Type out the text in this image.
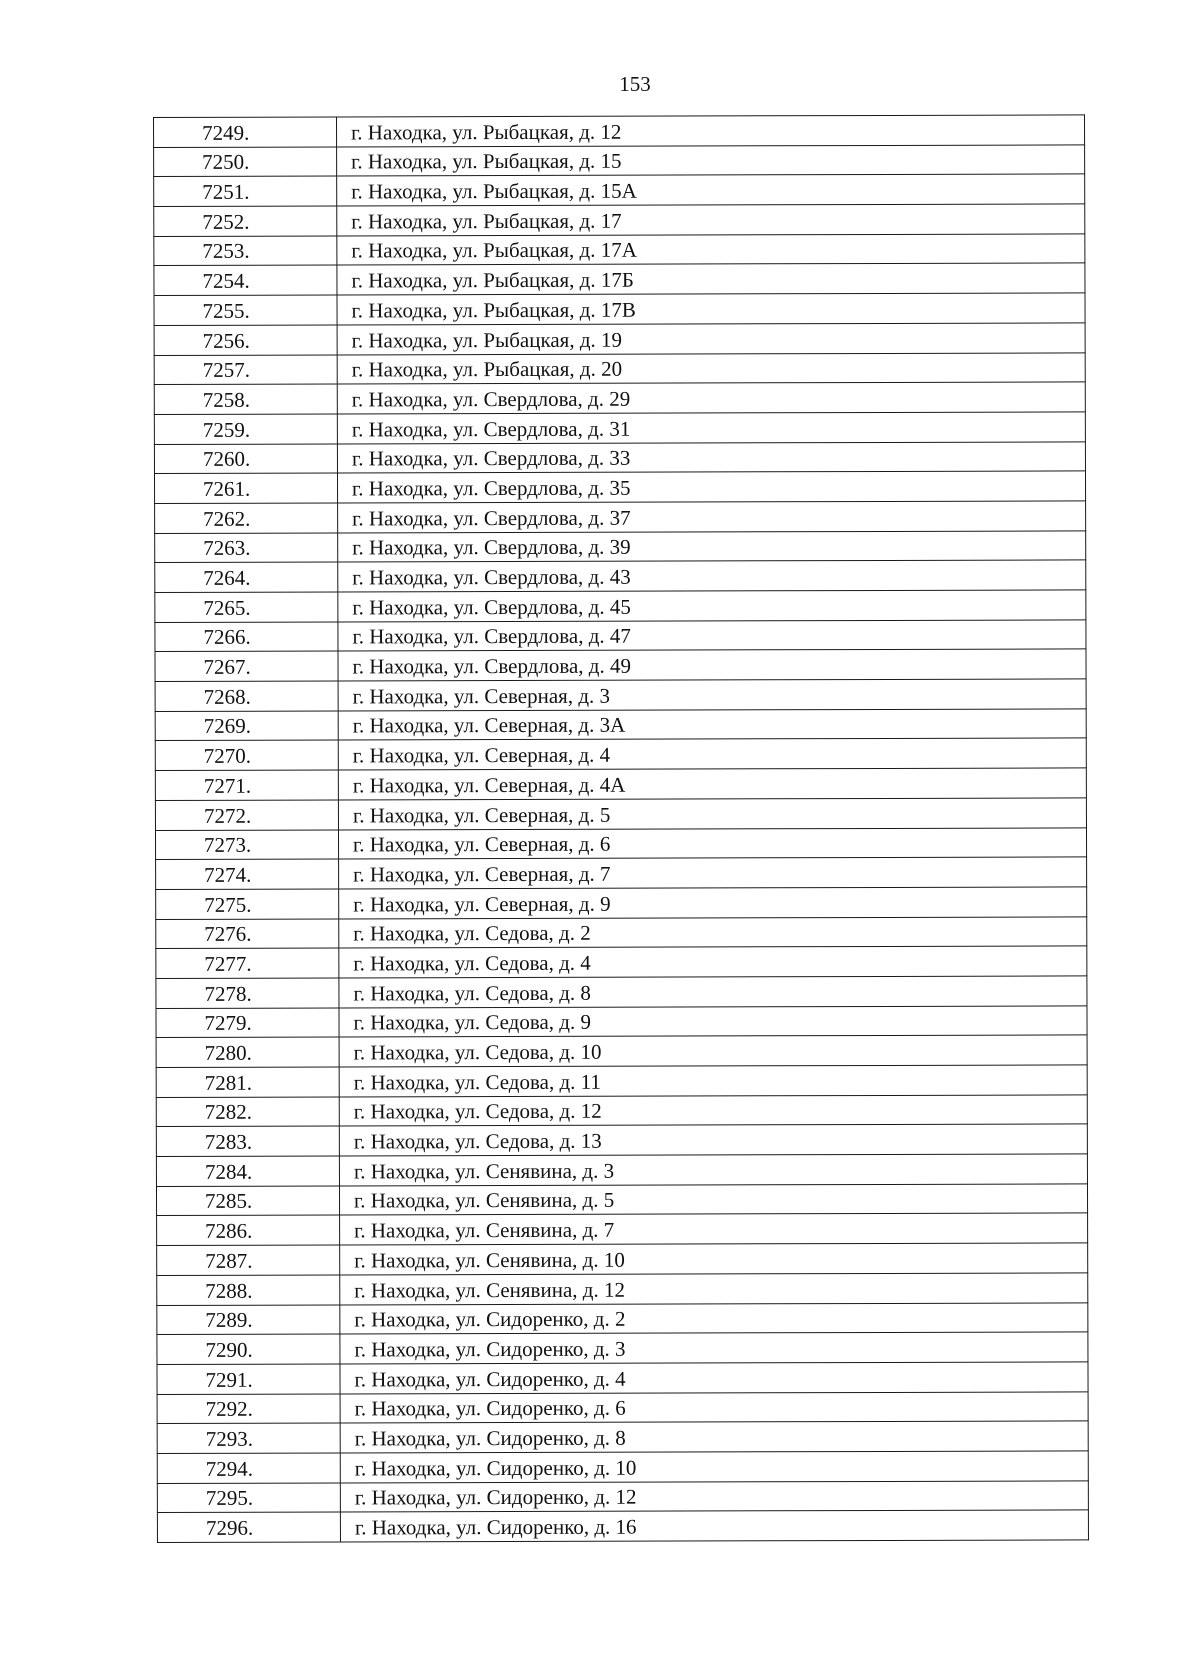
153
7249.	г. Находка, ул. Рыбацкая, д. 12
7250.	г. Находка, ул. Рыбацкая, д. 15
7251.	г. Находка, ул. Рыбацкая, д. 15А
7252.	г. Находка, ул. Рыбацкая, д. 17
7253.	г. Находка, ул. Рыбацкая, д. 17А
7254.	г. Находка, ул. Рыбацкая, д. 17Б
7255.	г. Находка, ул. Рыбацкая, д. 17В
7256.	г. Находка, ул. Рыбацкая, д. 19
7257.	г. Находка, ул. Рыбацкая, д. 20
7258.	г. Находка, ул. Свердлова, д. 29
7259.	г. Находка, ул. Свердлова, д. 31
7260.	г. Находка, ул. Свердлова, д. 33
7261.	г. Находка, ул. Свердлова, д. 35
7262.	г. Находка, ул. Свердлова, д. 37
7263.	г. Находка, ул. Свердлова, д. 39
7264.	г. Находка, ул. Свердлова, д. 43
7265.	г. Находка, ул. Свердлова, д. 45
7266.	г. Находка, ул. Свердлова, д. 47
7267.	г. Находка, ул. Свердлова, д. 49
7268.	г. Находка, ул. Северная, д. 3
7269.	г. Находка, ул. Северная, д. 3А
7270.	г. Находка, ул. Северная, д. 4
7271.	г. Находка, ул. Северная, д. 4А
7272.	г. Находка, ул. Северная, д. 5
7273.	г. Находка, ул. Северная, д. 6
7274.	г. Находка, ул. Северная, д. 7
7275.	г. Находка, ул. Северная, д. 9
7276.	г. Находка, ул. Седова, д. 2
7277.	г. Находка, ул. Седова, д. 4
7278.	г. Находка, ул. Седова, д. 8
7279.	г. Находка, ул. Седова, д. 9
7280.	г. Находка, ул. Седова, д. 10
7281.	г. Находка, ул. Седова, д. 11
7282.	г. Находка, ул. Седова, д. 12
7283.	г. Находка, ул. Седова, д. 13
7284.	г. Находка, ул. Сенявина, д. 3
7285.	г. Находка, ул. Сенявина, д. 5
7286.	г. Находка, ул. Сенявина, д. 7
7287.	г. Находка, ул. Сенявина, д. 10
7288.	г. Находка, ул. Сенявина, д. 12
7289.	г. Находка, ул. Сидоренко, д. 2
7290.	г. Находка, ул. Сидоренко, д. 3
7291.	г. Находка, ул. Сидоренко, д. 4
7292.	г. Находка, ул. Сидоренко, д. 6
7293.	г. Находка, ул. Сидоренко, д. 8
7294.	г. Находка, ул. Сидоренко, д. 10
7295.	г. Находка, ул. Сидоренко, д. 12
7296.	г. Находка, ул. Сидоренко, д. 16
